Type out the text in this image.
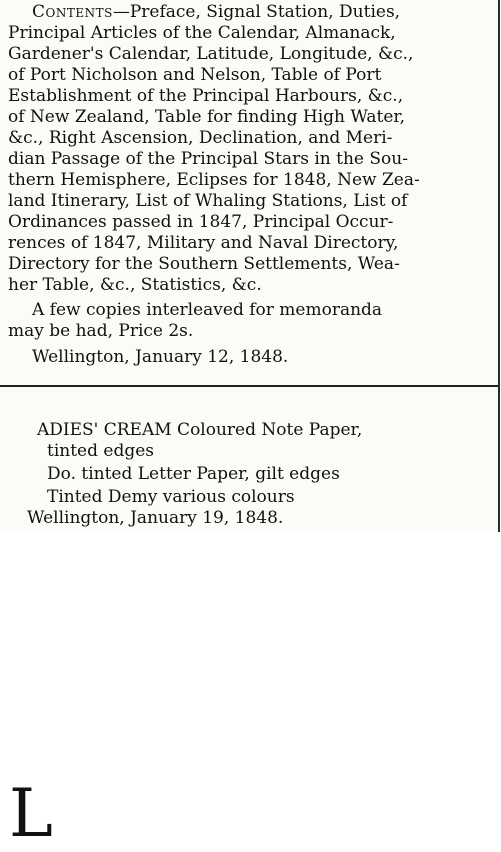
Contents—Preface, Signal Station, Duties,
Principal Articles of the Calendar, Almanack,
Gardener's Calendar, Latitude, Longitude, &c.,
of Port Nicholson and Nelson, Table of Port
Establishment of the Principal Harbours, &c.,
of New Zealand, Table for finding High Water,
&c., Right Ascension, Declination, and Meri-
dian Passage of the Principal Stars in the Sou-
thern Hemisphere, Eclipses for 1848, New Zea-
land Itinerary, List of Whaling Stations, List of
Ordinances passed in 1847, Principal Occur-
rences of 1847, Military and Naval Directory,
Directory for the Southern Settlements, Wea-
her Table, &c., Statistics, &c.
A few copies interleaved for memoranda
may be had, Price 2s.
Wellington, January 12, 1848.
L
ADIES' CREAM Coloured Note Paper,
tinted edges
Do. tinted Letter Paper, gilt edges
Tinted Demy various colours
Wellington, January 19, 1848.
